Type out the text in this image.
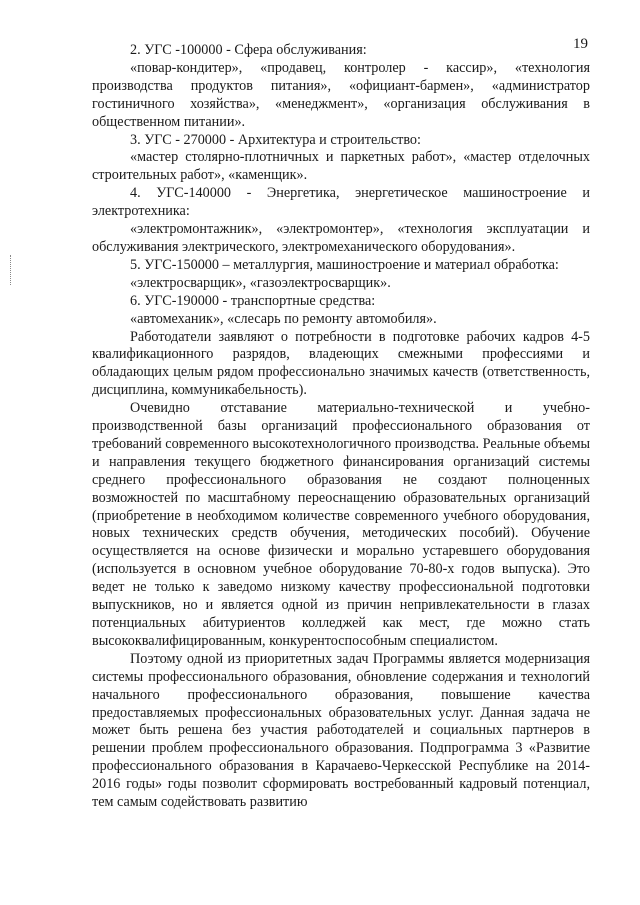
19

2. УГС -100000 - Сфера обслуживания:

«повар-кондитер», «продавец, контролер - кассир», «технология производства продуктов питания», «официант-бармен», «администратор гостиничного хозяйства», «менеджмент», «организация обслуживания в общественном питании».

3. УГС - 270000 - Архитектура и строительство:

«мастер столярно-плотничных и паркетных работ», «мастер отделочных строительных работ», «каменщик».

4. УГС-140000 - Энергетика, энергетическое машиностроение и электротехника:

«электромонтажник», «электромонтер», «технология эксплуатации и обслуживания электрического, электромеханического оборудования».

5. УГС-150000 – металлургия, машиностроение и материал обработка:

«электросварщик», «газоэлектросварщик».

6. УГС-190000 - транспортные средства:

«автомеханик», «слесарь по ремонту автомобиля».

Работодатели заявляют о потребности в подготовке рабочих кадров 4-5 квалификационного разрядов, владеющих смежными профессиями и обладающих целым рядом профессионально значимых качеств (ответственность, дисциплина, коммуникабельность).

Очевидно отставание материально-технической и учебно-производственной базы организаций профессионального образования от требований современного высокотехнологичного производства. Реальные объемы и направления текущего бюджетного финансирования организаций системы среднего профессионального образования не создают полноценных возможностей по масштабному переоснащению образовательных организаций (приобретение в необходимом количестве современного учебного оборудования, новых технических средств обучения, методических пособий). Обучение осуществляется на основе физически и морально устаревшего оборудования (используется в основном учебное оборудование 70-80-х годов выпуска). Это ведет не только к заведомо низкому качеству профессиональной подготовки выпускников, но и является одной из причин непривлекательности в глазах потенциальных абитуриентов колледжей как мест, где можно стать высококвалифицированным, конкурентоспособным специалистом.

Поэтому одной из приоритетных задач Программы является модернизация системы профессионального образования, обновление содержания и технологий начального профессионального образования, повышение качества предоставляемых профессиональных образовательных услуг. Данная задача не может быть решена без участия работодателей и социальных партнеров в решении проблем профессионального образования. Подпрограмма 3 «Развитие профессионального образования в Карачаево-Черкесской Республике на 2014-2016 годы» годы позволит сформировать востребованный кадровый потенциал, тем самым содействовать развитию
